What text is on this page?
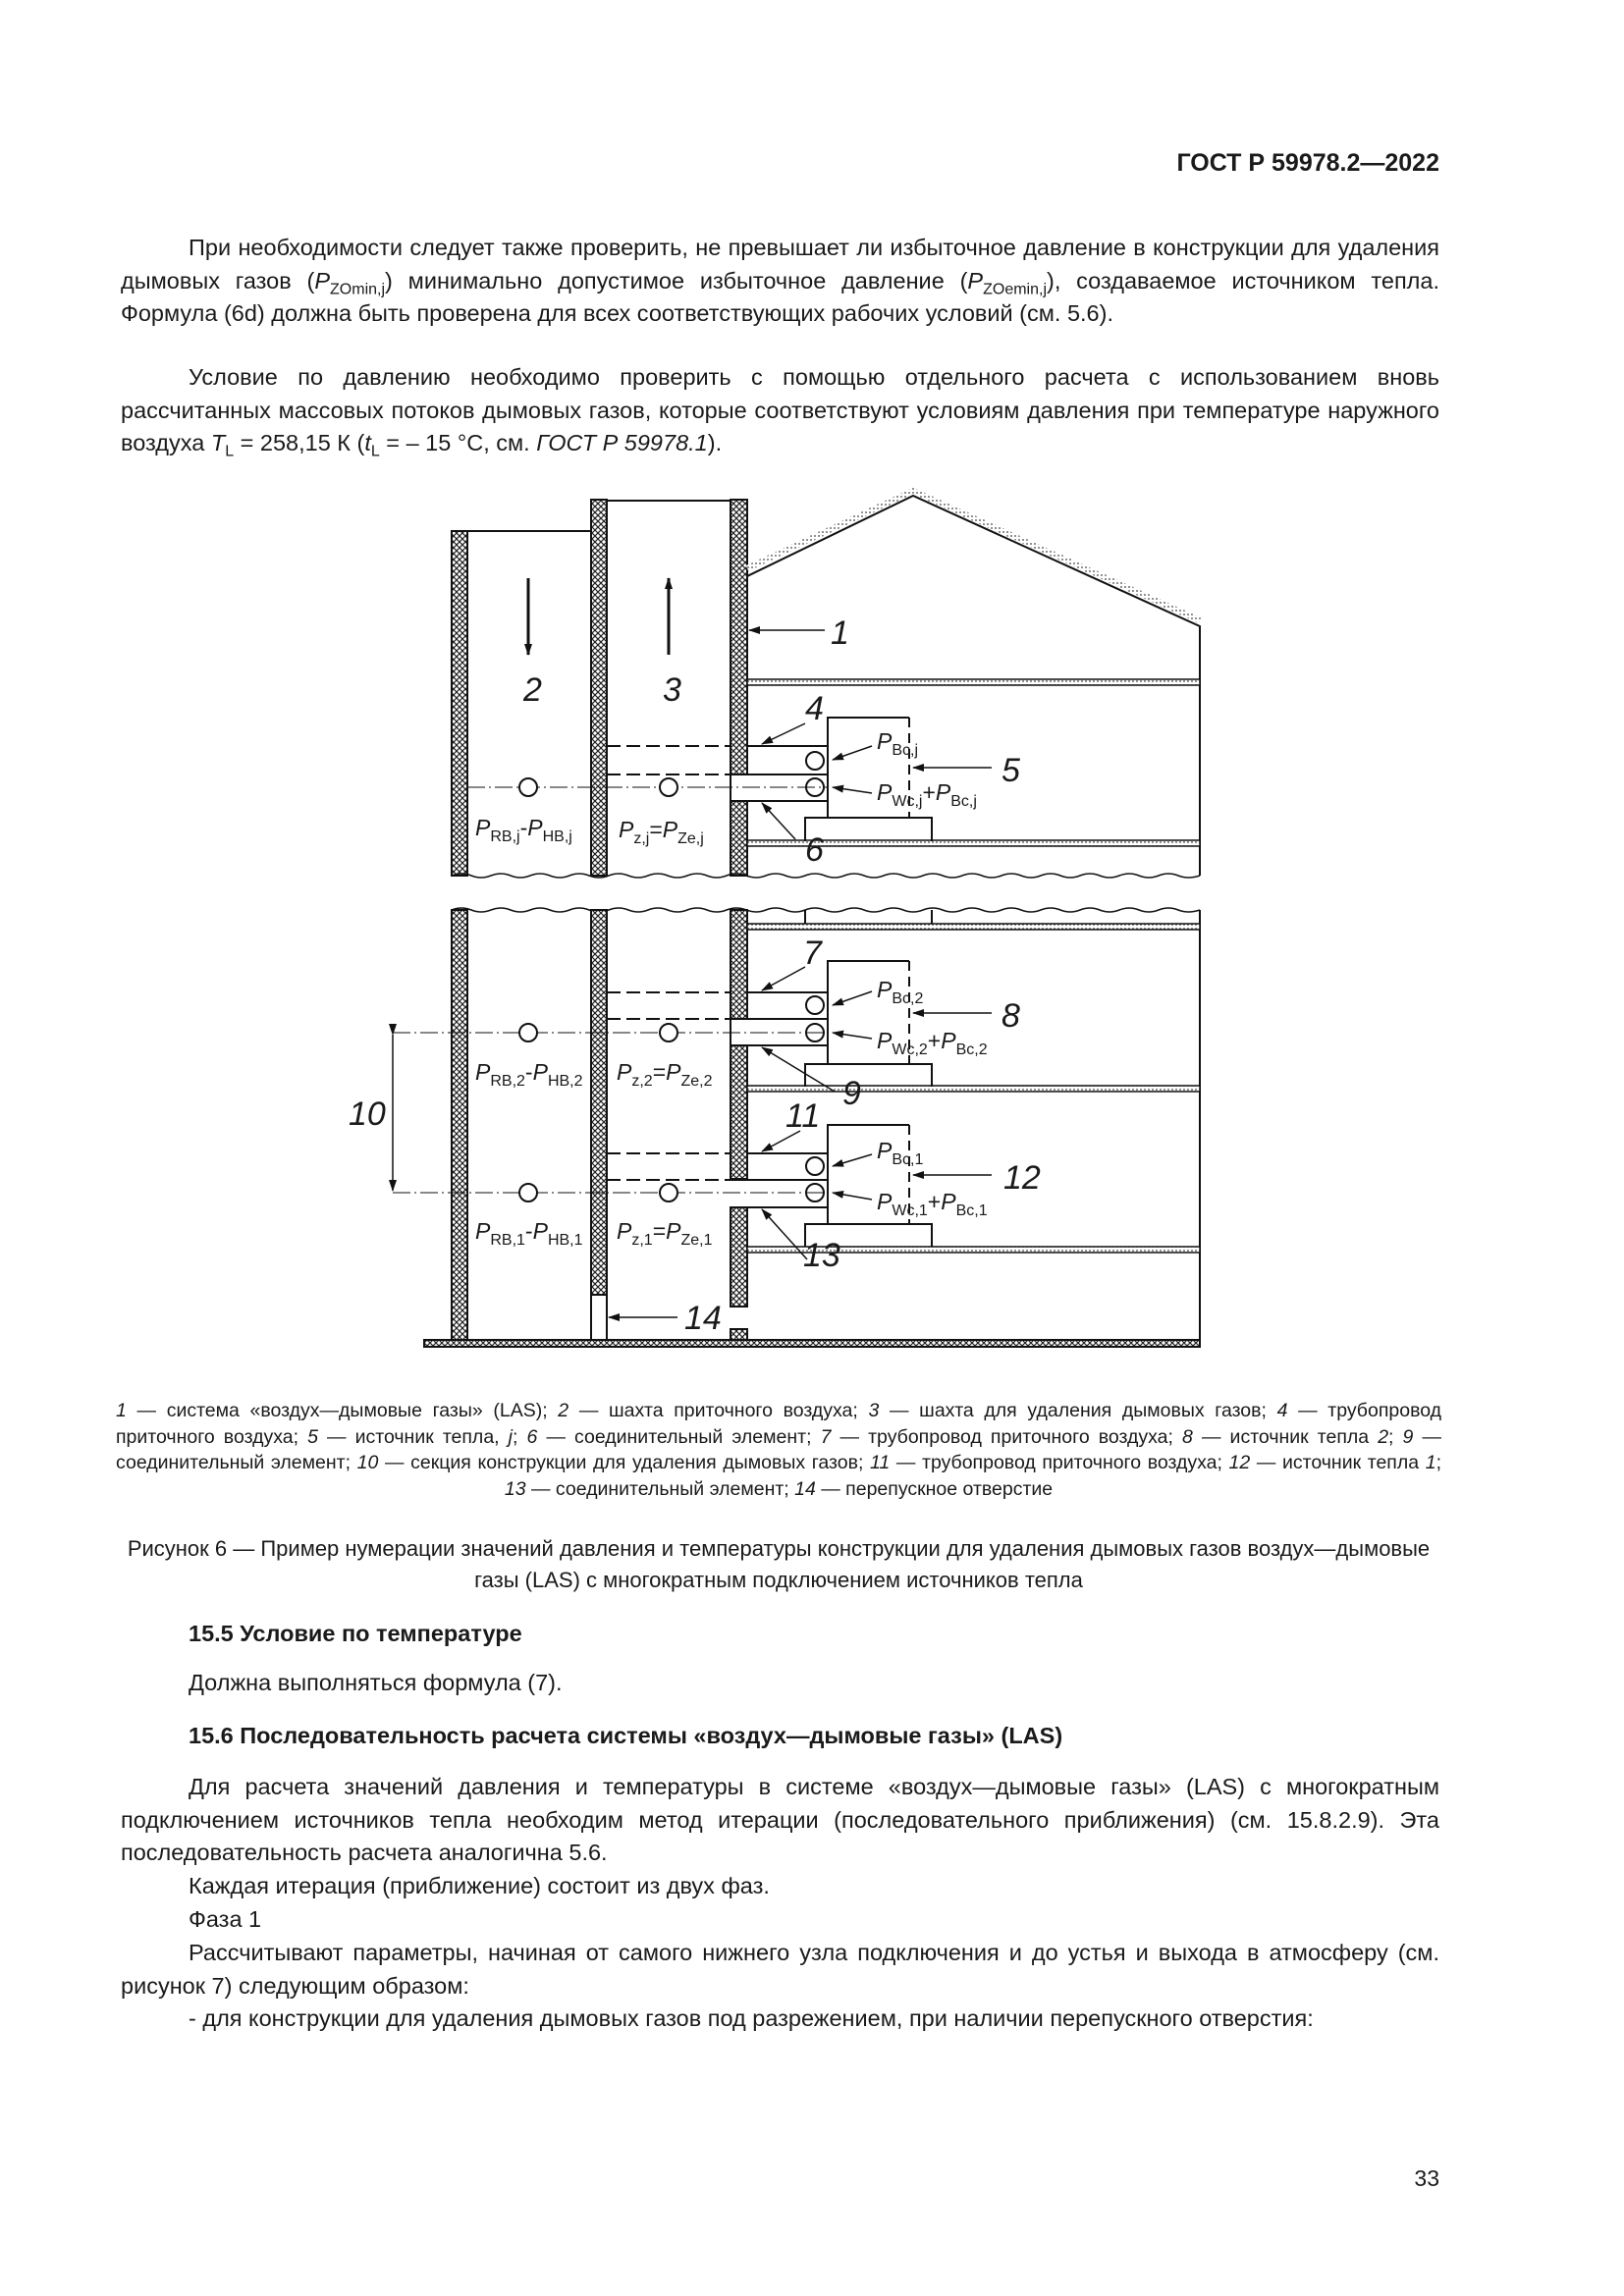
ГОСТ Р 59978.2—2022
При необходимости следует также проверить, не превышает ли избыточное давление в конструкции для удаления дымовых газов $(P_{ZOmin,j})$ минимально допустимое избыточное давление $(P_{ZOemin,j})$, создаваемое источником тепла. Формула (6d) должна быть проверена для всех соответствующих рабочих условий (см. 5.6).
Условие по давлению необходимо проверить с помощью отдельного расчета с использованием вновь рассчитанных массовых потоков дымовых газов, которые соответствуют условиям давления при температуре наружного воздуха $T_L = 258,15$ К ($t_L$ = – 15 °С, см. ГОСТ Р 59978.1).
1
2	3	4
5
6
7
8
9
10	11
12
13
14
$P_{Bc,j}$
$P_{Wc,j}+P_{Bc,j}$
$P_{RB,j}-P_{HB,j}$ $P_{z,j}=P_{Ze,j}$
$P_{Bc,2}$
$P_{Wc,2}+P_{Bc,2}$
$P_{RB,2}-P_{HB,2}$ $P_{z,2}=P_{Ze,2}$
$P_{Bc,1}$
$P_{Wc,1}+P_{Bc,1}$
$P_{RB,1}-P_{HB,1}$ $P_{z,1}=P_{Ze,1}$
1 — система «воздух—дымовые газы» (LAS); 2 — шахта приточного воздуха; 3 — шахта для удаления дымовых газов; 4 — трубопровод приточного воздуха; 5 — источник тепла, j; 6 — соединительный элемент; 7 — трубопровод приточного воздуха; 8 — источник тепла 2; 9 — соединительный элемент; 10 — секция конструкции для удаления дымовых газов; 11 — трубопровод приточного воздуха; 12 — источник тепла 1; 13 — соединительный элемент; 14 — перепускное отверстие
Рисунок 6 — Пример нумерации значений давления и температуры конструкции для удаления дымовых газов воздух—дымовые газы (LAS) с многократным подключением источников тепла
15.5 Условие по температуре
Должна выполняться формула (7).
15.6 Последовательность расчета системы «воздух—дымовые газы» (LAS)
Для расчета значений давления и температуры в системе «воздух—дымовые газы» (LAS) с многократным подключением источников тепла необходим метод итерации (последовательного приближения) (см. 15.8.2.9). Эта последовательность расчета аналогична 5.6.
Каждая итерация (приближение) состоит из двух фаз.
Фаза 1
Рассчитывают параметры, начиная от самого нижнего узла подключения и до устья и выхода в атмосферу (см. рисунок 7) следующим образом:
- для конструкции для удаления дымовых газов под разрежением, при наличии перепускного отверстия:
33
